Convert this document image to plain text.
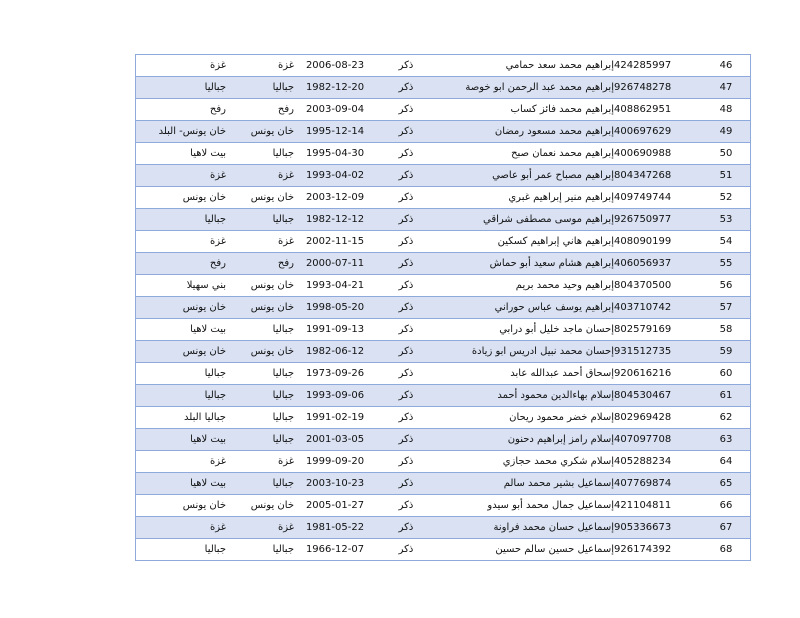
غزة	غزة	2006-08-23	ذكر	إبراهيم محمد سعد حمامي	424285997	46
جباليا	جباليا	1982-12-20	ذكر	إبراهيم محمد عبد الرحمن ابو خوصة	926748278	47
رفح	رفح	2003-09-04	ذكر	إبراهيم محمد فائز كساب	408862951	48
خان يونس- البلد	خان يونس	1995-12-14	ذكر	إبراهيم محمد مسعود رمضان	400697629	49
بيت لاهيا	جباليا	1995-04-30	ذكر	إبراهيم محمد نعمان صبح	400690988	50
غزة	غزة	1993-04-02	ذكر	إبراهيم مصباح عمر أبو عاصي	804347268	51
خان يونس	خان يونس	2003-12-09	ذكر	إبراهيم منير إبراهيم غبري	409749744	52
جباليا	جباليا	1982-12-12	ذكر	إبراهيم موسى مصطفى شراقي	926750977	53
غزة	غزة	2002-11-15	ذكر	إبراهيم هاني إبراهيم كسكين	408090199	54
رفح	رفح	2000-07-11	ذكر	إبراهيم هشام سعيد أبو حماش	406056937	55
بني سهيلا	خان يونس	1993-04-21	ذكر	إبراهيم وحيد محمد بريم	804370500	56
خان يونس	خان يونس	1998-05-20	ذكر	إبراهيم يوسف عباس حوراني	403710742	57
بيت لاهيا	جباليا	1991-09-13	ذكر	إحسان ماجد خليل أبو درابي	802579169	58
خان يونس	خان يونس	1982-06-12	ذكر	إحسان محمد نبيل ادريس ابو زيادة	931512735	59
جباليا	جباليا	1973-09-26	ذكر	إسحاق أحمد عبدالله عابد	920616216	60
جباليا	جباليا	1993-09-06	ذكر	إسلام بهاءالدين محمود أحمد	804530467	61
جباليا البلد	جباليا	1991-02-19	ذكر	إسلام خضر محمود ريحان	802969428	62
بيت لاهيا	جباليا	2001-03-05	ذكر	إسلام رامز إبراهيم دحنون	407097708	63
غزة	غزة	1999-09-20	ذكر	إسلام شكري محمد حجازي	405288234	64
بيت لاهيا	جباليا	2003-10-23	ذكر	إسماعيل بشير محمد سالم	407769874	65
خان يونس	خان يونس	2005-01-27	ذكر	إسماعيل جمال محمد أبو سيدو	421104811	66
غزة	غزة	1981-05-22	ذكر	إسماعيل حسان محمد فراونة	905336673	67
جباليا	جباليا	1966-12-07	ذكر	إسماعيل حسين سالم حسين	926174392	68
